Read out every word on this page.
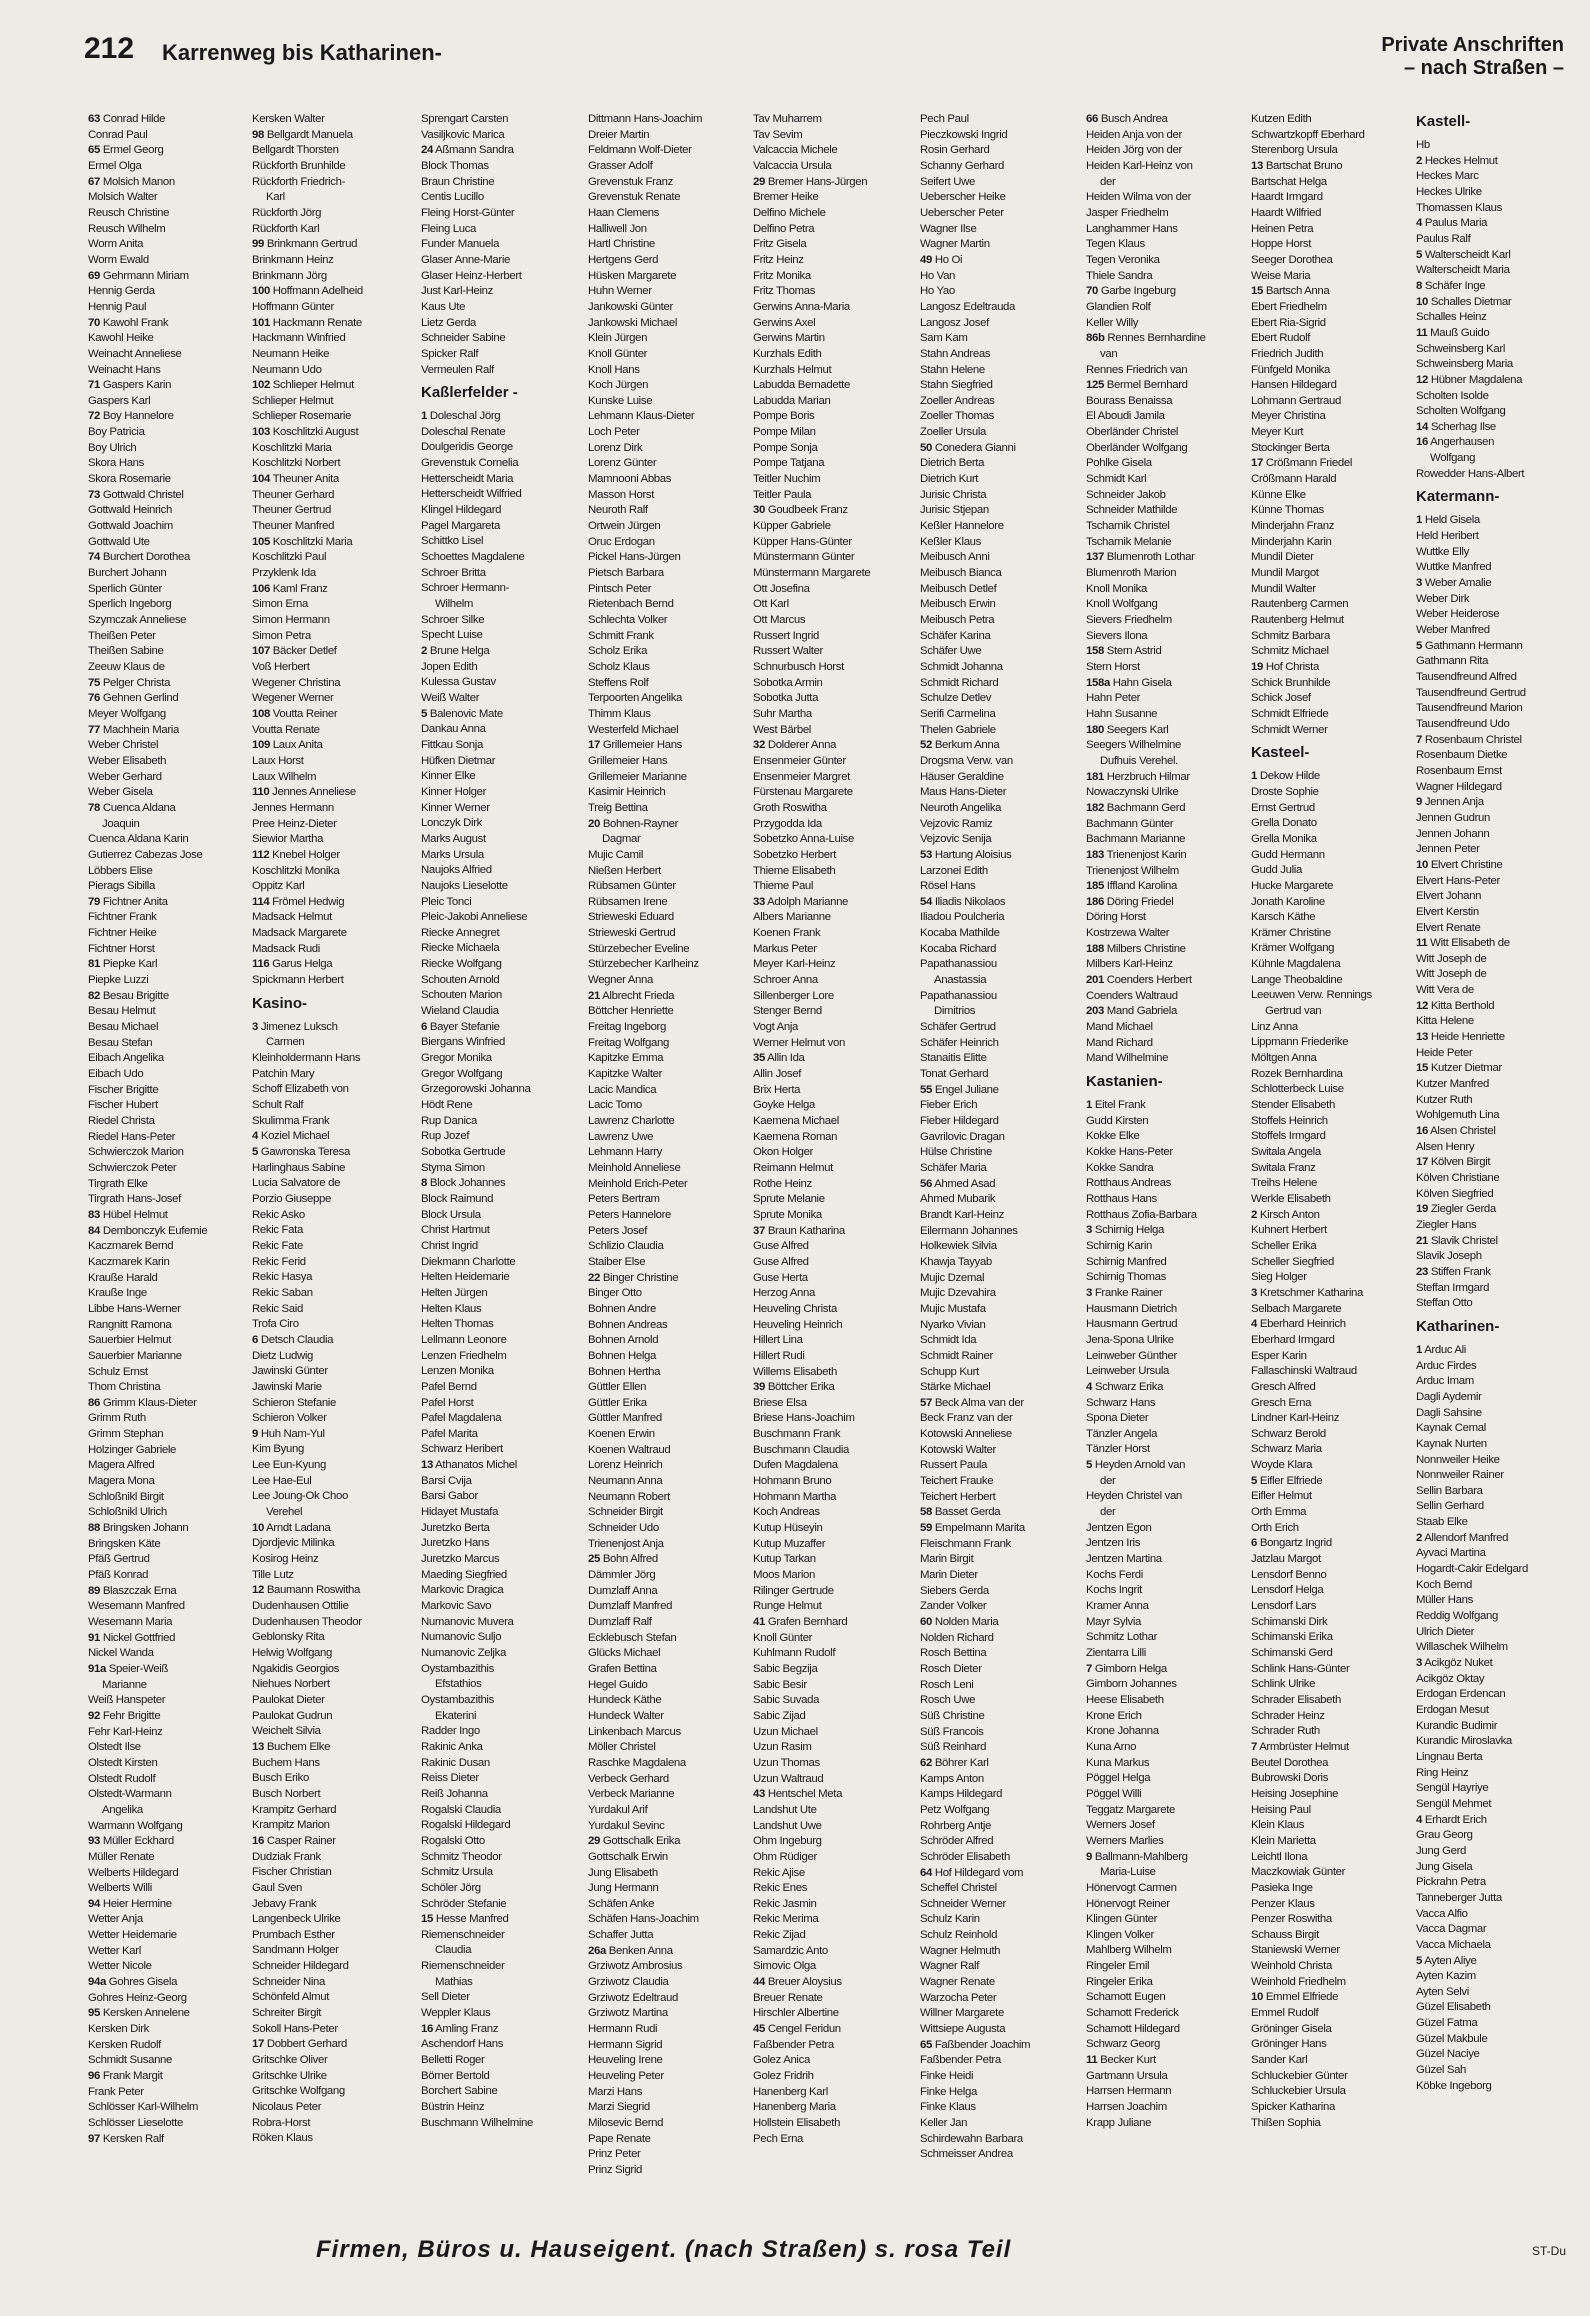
212 Karrenweg bis Katharinen-	Private Anschriften
– nach Straßen –
63 Conrad Hilde
Conrad Paul
65 Ermel Georg
Ermel Olga
67 Molsich Manon
Molsich Walter
Reusch Christine
Reusch Wilhelm
Worm Anita
Worm Ewald
69 Gehrmann Miriam
Hennig Gerda
Hennig Paul
70 Kawohl Frank
Kawohl Heike
Weinacht Anneliese
Weinacht Hans
71 Gaspers Karin
Gaspers Karl
72 Boy Hannelore
Boy Patricia
Boy Ulrich
Skora Hans
Skora Rosemarie
73 Gottwald Christel
Gottwald Heinrich
Gottwald Joachim
Gottwald Ute
74 Burchert Dorothea
Burchert Johann
Sperlich Günter
Sperlich Ingeborg
Szymczak Anneliese
Theißen Peter
Theißen Sabine
Zeeuw Klaus de
75 Pelger Christa
76 Gehnen Gerlind
Meyer Wolfgang
77 Machhein Maria
Weber Christel
Weber Elisabeth
Weber Gerhard
Weber Gisela
78 Cuenca Aldana
Joaquin
Cuenca Aldana Karin
Gutierrez Cabezas Jose
Löbbers Elise
Pierags Sibilla
79 Fichtner Anita
Fichtner Frank
Fichtner Heike
Fichtner Horst
81 Piepke Karl
Piepke Luzzi
82 Besau Brigitte
Besau Helmut
Besau Michael
Besau Stefan
Eibach Angelika
Eibach Udo
Fischer Brigitte
Fischer Hubert
Riedel Christa
Riedel Hans-Peter
Schwierczok Marion
Schwierczok Peter
Tirgrath Elke
Tirgrath Hans-Josef
83 Hübel Helmut
84 Dembonczyk Eufemie
Kaczmarek Bernd
Kaczmarek Karin
Krauße Harald
Krauße Inge
Libbe Hans-Werner
Rangnitt Ramona
Sauerbier Helmut
Sauerbier Marianne
Schulz Ernst
Thom Christina
86 Grimm Klaus-Dieter
Grimm Ruth
Grimm Stephan
Holzinger Gabriele
Magera Alfred
Magera Mona
Schloßnikl Birgit
Schloßnikl Ulrich
88 Bringsken Johann
Bringsken Käte
Pfäß Gertrud
Pfäß Konrad
89 Blaszczak Erna
Wesemann Manfred
Wesemann Maria
91 Nickel Gottfried
Nickel Wanda
91a Speier-Weiß
Marianne
Weiß Hanspeter
92 Fehr Brigitte
Fehr Karl-Heinz
Olstedt Ilse
Olstedt Kirsten
Olstedt Rudolf
Olstedt-Warmann
Angelika
Warmann Wolfgang
93 Müller Eckhard
Müller Renate
Welberts Hildegard
Welberts Willi
94 Heier Hermine
Wetter Anja
Wetter Heidemarie
Wetter Karl
Wetter Nicole
94a Gohres Gisela
Gohres Heinz-Georg
95 Kersken Annelene
Kersken Dirk
Kersken Rudolf
Schmidt Susanne
96 Frank Margit
Frank Peter
Schlösser Karl-Wilhelm
Schlösser Lieselotte
97 Kersken Ralf
Kersken Walter
98 Bellgardt Manuela
Bellgardt Thorsten
Rückforth Brunhilde
Rückforth Friedrich-
Karl
Rückforth Jörg
Rückforth Karl
99 Brinkmann Gertrud
Brinkmann Heinz
Brinkmann Jörg
100 Hoffmann Adelheid
Hoffmann Günter
101 Hackmann Renate
Hackmann Winfried
Neumann Heike
Neumann Udo
102 Schlieper Helmut
Schlieper Helmut
Schlieper Rosemarie
103 Koschlitzki August
Koschlitzki Maria
Koschlitzki Norbert
104 Theuner Anita
Theuner Gerhard
Theuner Gertrud
Theuner Manfred
105 Koschlitzki Maria
Koschlitzki Paul
Przyklenk Ida
106 Kaml Franz
Simon Erna
Simon Hermann
Simon Petra
107 Bäcker Detlef
Voß Herbert
Wegener Christina
Wegener Werner
108 Voutta Reiner
Voutta Renate
109 Laux Anita
Laux Horst
Laux Wilhelm
110 Jennes Anneliese
Jennes Hermann
Pree Heinz-Dieter
Siewior Martha
112 Knebel Holger
Koschlitzki Monika
Oppitz Karl
114 Frömel Hedwig
Madsack Helmut
Madsack Margarete
Madsack Rudi
116 Garus Helga
Spickmann Herbert
Kasino-
3 Jimenez Luksch
Carmen
Kleinholdermann Hans
Patchin Mary
Schoff Elizabeth von
Schult Ralf
Skulimma Frank
4 Koziel Michael
5 Gawronska Teresa
Harlinghaus Sabine
Lucia Salvatore de
Porzio Giuseppe
Rekic Asko
Rekic Fata
Rekic Fate
Rekic Ferid
Rekic Hasya
Rekic Saban
Rekic Said
Trofa Ciro
6 Detsch Claudia
Dietz Ludwig
Jawinski Günter
Jawinski Marie
Schieron Stefanie
Schieron Volker
9 Huh Nam-Yul
Kim Byung
Lee Eun-Kyung
Lee Hae-Eul
Lee Joung-Ok Choo
Verehel
10 Arndt Ladana
Djordjevic Milinka
Kosirog Heinz
Tille Lutz
12 Baumann Roswitha
Dudenhausen Ottilie
Dudenhausen Theodor
Geblonsky Rita
Helwig Wolfgang
Ngakidis Georgios
Niehues Norbert
Paulokat Dieter
Paulokat Gudrun
Weichelt Silvia
13 Buchem Elke
Buchem Hans
Busch Eriko
Busch Norbert
Krampitz Gerhard
Krampitz Marion
16 Casper Rainer
Dudziak Frank
Fischer Christian
Gaul Sven
Jebavy Frank
Langenbeck Ulrike
Prumbach Esther
Sandmann Holger
Schneider Hildegard
Schneider Nina
Schönfeld Almut
Schreiter Birgit
Sokoll Hans-Peter
17 Dobbert Gerhard
Gritschke Oliver
Gritschke Ulrike
Gritschke Wolfgang
Nicolaus Peter
Robra-Horst
Röken Klaus
Sprengart Carsten
Vasiljkovic Marica
24 Aßmann Sandra
Block Thomas
Braun Christine
Centis Lucillo
Fleing Horst-Günter
Fleing Luca
Funder Manuela
Glaser Anne-Marie
Glaser Heinz-Herbert
Just Karl-Heinz
Kaus Ute
Lietz Gerda
Schneider Sabine
Spicker Ralf
Vermeulen Ralf
Kaßlerfelder -
1 Doleschal Jörg
Doleschal Renate
Doulgeridis George
Grevenstuk Cornelia
Hetterscheidt Maria
Hetterscheidt Wilfried
Klingel Hildegard
Pagel Margareta
Schittko Lisel
Schoettes Magdalene
Schroer Britta
Schroer Hermann-
Wilhelm
Schroer Silke
Specht Luise
2 Brune Helga
Jopen Edith
Kulessa Gustav
Weiß Walter
5 Balenovic Mate
Dankau Anna
Fittkau Sonja
Hüfken Dietmar
Kinner Elke
Kinner Holger
Kinner Werner
Lonczyk Dirk
Marks August
Marks Ursula
Naujoks Alfried
Naujoks Lieselotte
Pleic Tonci
Pleic-Jakobi Anneliese
Riecke Annegret
Riecke Michaela
Riecke Wolfgang
Schouten Arnold
Schouten Marion
Wieland Claudia
6 Bayer Stefanie
Biergans Winfried
Gregor Monika
Gregor Wolfgang
Grzegorowski Johanna
Hödt Rene
Rup Danica
Rup Jozef
Sobotka Gertrude
Styma Simon
8 Block Johannes
Block Raimund
Block Ursula
Christ Hartmut
Christ Ingrid
Diekmann Charlotte
Helten Heidemarie
Helten Jürgen
Helten Klaus
Helten Thomas
Lellmann Leonore
Lenzen Friedhelm
Lenzen Monika
Pafel Bernd
Pafel Horst
Pafel Magdalena
Pafel Marita
Schwarz Heribert
13 Athanatos Michel
Barsi Cvija
Barsi Gabor
Hidayet Mustafa
Juretzko Berta
Juretzko Hans
Juretzko Marcus
Maeding Siegfried
Markovic Dragica
Markovic Savo
Numanovic Muvera
Numanovic Suljo
Numanovic Zeljka
Oystambazithis
Efstathios
Oystambazithis
Ekaterini
Radder Ingo
Rakinic Anka
Rakinic Dusan
Reiss Dieter
Reiß Johanna
Rogalski Claudia
Rogalski Hildegard
Rogalski Otto
Schmitz Theodor
Schmitz Ursula
Schöler Jörg
Schröder Stefanie
15 Hesse Manfred
Riemenschneider
Claudia
Riemenschneider
Mathias
Sell Dieter
Weppler Klaus
16 Amling Franz
Aschendorf Hans
Belletti Roger
Börner Bertold
Borchert Sabine
Büstrin Heinz
Buschmann Wilhelmine
Dittmann Hans-Joachim
Dreier Martin
Feldmann Wolf-Dieter
Grasser Adolf
Grevenstuk Franz
Grevenstuk Renate
Haan Clemens
Halliwell Jon
Hartl Christine
Hertgens Gerd
Hüsken Margarete
Huhn Werner
Jankowski Günter
Jankowski Michael
Klein Jürgen
Knoll Günter
Knoll Hans
Koch Jürgen
Kunske Luise
Lehmann Klaus-Dieter
Loch Peter
Lorenz Dirk
Lorenz Günter
Mamnooni Abbas
Masson Horst
Neuroth Ralf
Ortwein Jürgen
Oruc Erdogan
Pickel Hans-Jürgen
Pietsch Barbara
Pintsch Peter
Rietenbach Bernd
Schlechta Volker
Schmitt Frank
Scholz Erika
Scholz Klaus
Steffens Rolf
Terpoorten Angelika
Thimm Klaus
Westerfeld Michael
17 Grillemeier Hans
Grillemeier Hans
Grillemeier Marianne
Kasimir Heinrich
Treig Bettina
20 Bohnen-Rayner
Dagmar
Mujic Camil
Nießen Herbert
Rübsamen Günter
Rübsamen Irene
Strieweski Eduard
Strieweski Gertrud
Stürzebecher Eveline
Stürzebecher Karlheinz
Wegner Anna
21 Albrecht Frieda
Böttcher Henriette
Freitag Ingeborg
Freitag Wolfgang
Kapitzke Emma
Kapitzke Walter
Lacic Mandica
Lacic Tomo
Lawrenz Charlotte
Lawrenz Uwe
Lehmann Harry
Meinhold Anneliese
Meinhold Erich-Peter
Peters Bertram
Peters Hannelore
Peters Josef
Schlizio Claudia
Staiber Else
22 Binger Christine
Binger Otto
Bohnen Andre
Bohnen Andreas
Bohnen Arnold
Bohnen Helga
Bohnen Hertha
Güttler Ellen
Güttler Erika
Güttler Manfred
Koenen Erwin
Koenen Waltraud
Lorenz Heinrich
Neumann Anna
Neumann Robert
Schneider Birgit
Schneider Udo
Trienenjost Anja
25 Bohn Alfred
Dämmler Jörg
Dumzlaff Anna
Dumzlaff Manfred
Dumzlaff Ralf
Ecklebusch Stefan
Glücks Michael
Grafen Bettina
Hegel Guido
Hundeck Käthe
Hundeck Walter
Linkenbach Marcus
Möller Christel
Raschke Magdalena
Verbeck Gerhard
Verbeck Marianne
Yurdakul Arif
Yurdakul Sevinc
29 Gottschalk Erika
Gottschalk Erwin
Jung Elisabeth
Jung Hermann
Schäfen Anke
Schäfen Hans-Joachim
Schaffer Jutta
26a Benken Anna
Grziwotz Ambrosius
Grziwotz Claudia
Grziwotz Edeltraud
Grziwotz Martina
Hermann Rudi
Hermann Sigrid
Heuveling Irene
Heuveling Peter
Marzi Hans
Marzi Siegrid
Milosevic Bernd
Pape Renate
Prinz Peter
Prinz Sigrid
Tav Muharrem
Tav Sevim
Valcaccia Michele
Valcaccia Ursula
29 Bremer Hans-Jürgen
Bremer Heike
Delfino Michele
Delfino Petra
Fritz Gisela
Fritz Heinz
Fritz Monika
Fritz Thomas
Gerwins Anna-Maria
Gerwins Axel
Gerwins Martin
Kurzhals Edith
Kurzhals Helmut
Labudda Bernadette
Labudda Marian
Pompe Boris
Pompe Milan
Pompe Sonja
Pompe Tatjana
Teitler Nuchim
Teitler Paula
30 Goudbeek Franz
Küpper Gabriele
Küpper Hans-Günter
Münstermann Günter
Münstermann Margarete
Ott Josefina
Ott Karl
Ott Marcus
Russert Ingrid
Russert Walter
Schnurbusch Horst
Sobotka Armin
Sobotka Jutta
Suhr Martha
West Bärbel
32 Dolderer Anna
Ensenmeier Günter
Ensenmeier Margret
Fürstenau Margarete
Groth Roswitha
Przygodda Ida
Sobetzko Anna-Luise
Sobetzko Herbert
Thieme Elisabeth
Thieme Paul
33 Adolph Marianne
Albers Marianne
Koenen Frank
Markus Peter
Meyer Karl-Heinz
Schroer Anna
Sillenberger Lore
Stenger Bernd
Vogt Anja
Werner Helmut von
35 Allin Ida
Allin Josef
Brix Herta
Goyke Helga
Kaemena Michael
Kaemena Roman
Okon Holger
Reimann Helmut
Rothe Heinz
Sprute Melanie
Sprute Monika
37 Braun Katharina
Guse Alfred
Guse Alfred
Guse Herta
Herzog Anna
Heuveling Christa
Heuveling Heinrich
Hillert Lina
Hillert Rudi
Willems Elisabeth
39 Böttcher Erika
Briese Elsa
Briese Hans-Joachim
Buschmann Frank
Buschmann Claudia
Dufen Magdalena
Hohmann Bruno
Hohmann Martha
Koch Andreas
Kutup Hüseyin
Kutup Muzaffer
Kutup Tarkan
Moos Marion
Rilinger Gertrude
Runge Helmut
41 Grafen Bernhard
Knoll Günter
Kuhlmann Rudolf
Sabic Begzija
Sabic Besir
Sabic Suvada
Sabic Zijad
Uzun Michael
Uzun Rasim
Uzun Thomas
Uzun Waltraud
43 Hentschel Meta
Landshut Ute
Landshut Uwe
Ohm Ingeburg
Ohm Rüdiger
Rekic Ajise
Rekic Enes
Rekic Jasmin
Rekic Merima
Rekic Zijad
Samardzic Anto
Simovic Olga
44 Breuer Aloysius
Breuer Renate
Hirschler Albertine
45 Cengel Feridun
Faßbender Petra
Golez Anica
Golez Fridrih
Hanenberg Karl
Hanenberg Maria
Hollstein Elisabeth
Pech Erna
Pech Paul
Pieczkowski Ingrid
Rosin Gerhard
Schanny Gerhard
Seifert Uwe
Ueberscher Heike
Ueberscher Peter
Wagner Ilse
Wagner Martin
49 Ho Oi
Ho Van
Ho Yao
Langosz Edeltrauda
Langosz Josef
Sam Kam
Stahn Andreas
Stahn Helene
Stahn Siegfried
Zoeller Andreas
Zoeller Thomas
Zoeller Ursula
50 Conedera Gianni
Dietrich Berta
Dietrich Kurt
Jurisic Christa
Jurisic Stjepan
Keßler Hannelore
Keßler Klaus
Meibusch Anni
Meibusch Bianca
Meibusch Detlef
Meibusch Erwin
Meibusch Petra
Schäfer Karina
Schäfer Uwe
Schmidt Johanna
Schmidt Richard
Schulze Detlev
Serifi Carmelina
Thelen Gabriele
52 Berkum Anna
Drogsma Verw. van
Häuser Geraldine
Maus Hans-Dieter
Neuroth Angelika
Vejzovic Ramiz
Vejzovic Senija
53 Hartung Aloisius
Larzonei Edith
Rösel Hans
54 Iliadis Nikolaos
Iliadou Poulcheria
Kocaba Mathilde
Kocaba Richard
Papathanassiou
Anastassia
Papathanassiou
Dimitrios
Schäfer Gertrud
Schäfer Heinrich
Stanaitis Elitte
Tonat Gerhard
55 Engel Juliane
Fieber Erich
Fieber Hildegard
Gavrilovic Dragan
Hülse Christine
Schäfer Maria
56 Ahmed Asad
Ahmed Mubarik
Brandt Karl-Heinz
Eilermann Johannes
Holkewiek Silvia
Khawja Tayyab
Mujic Dzemal
Mujic Dzevahira
Mujic Mustafa
Nyarko Vivian
Schmidt Ida
Schmidt Rainer
Schupp Kurt
Stärke Michael
57 Beck Alma van der
Beck Franz van der
Kotowski Anneliese
Kotowski Walter
Russert Paula
Teichert Frauke
Teichert Herbert
58 Basset Gerda
59 Empelmann Marita
Fleischmann Frank
Marin Birgit
Marin Dieter
Siebers Gerda
Zander Volker
60 Nolden Maria
Nolden Richard
Rosch Bettina
Rosch Dieter
Rosch Leni
Rosch Uwe
Süß Christine
Süß Francois
Süß Reinhard
62 Böhrer Karl
Kamps Anton
Kamps Hildegard
Petz Wolfgang
Rohrberg Antje
Schröder Alfred
Schröder Elisabeth
64 Hof Hildegard vom
Scheffel Christel
Schneider Werner
Schulz Karin
Schulz Reinhold
Wagner Helmuth
Wagner Ralf
Wagner Renate
Warzocha Peter
Willner Margarete
Wittsiepe Augusta
65 Faßbender Joachim
Faßbender Petra
Finke Heidi
Finke Helga
Finke Klaus
Keller Jan
Schirdewahn Barbara
Schmeisser Andrea
66 Busch Andrea
Heiden Anja von der
Heiden Jörg von der
Heiden Karl-Heinz von
der
Heiden Wilma von der
Jasper Friedhelm
Langhammer Hans
Tegen Klaus
Tegen Veronika
Thiele Sandra
70 Garbe Ingeburg
Glandien Rolf
Keller Willy
86b Rennes Bernhardine
van
Rennes Friedrich van
125 Bermel Bernhard
Bourass Benaissa
El Aboudi Jamila
Oberländer Christel
Oberländer Wolfgang
Pohlke Gisela
Schmidt Karl
Schneider Jakob
Schneider Mathilde
Tscharnik Christel
Tscharnik Melanie
137 Blumenroth Lothar
Blumenroth Marion
Knoll Monika
Knoll Wolfgang
Sievers Friedhelm
Sievers Ilona
158 Stern Astrid
Stern Horst
158a Hahn Gisela
Hahn Peter
Hahn Susanne
180 Seegers Karl
Seegers Wilhelmine
Dufhuis Verehel.
181 Herzbruch Hilmar
Nowaczynski Ulrike
182 Bachmann Gerd
Bachmann Günter
Bachmann Marianne
183 Trienenjost Karin
Trienenjost Wilhelm
185 Iffland Karolina
186 Döring Friedel
Döring Horst
Kostrzewa Walter
188 Milbers Christine
Milbers Karl-Heinz
201 Coenders Herbert
Coenders Waltraud
203 Mand Gabriela
Mand Michael
Mand Richard
Mand Wilhelmine
Kastanien-
1 Eitel Frank
Gudd Kirsten
Kokke Elke
Kokke Hans-Peter
Kokke Sandra
Rotthaus Andreas
Rotthaus Hans
Rotthaus Zofia-Barbara
3 Schirnig Helga
Schirnig Karin
Schirnig Manfred
Schirnig Thomas
3 Franke Rainer
Hausmann Dietrich
Hausmann Gertrud
Jena-Spona Ulrike
Leinweber Günther
Leinweber Ursula
4 Schwarz Erika
Schwarz Hans
Spona Dieter
Tänzler Angela
Tänzler Horst
5 Heyden Arnold van
der
Heyden Christel van
der
Jentzen Egon
Jentzen Iris
Jentzen Martina
Kochs Ferdi
Kochs Ingrit
Kramer Anna
Mayr Sylvia
Schmitz Lothar
Zientarra Lilli
7 Gimborn Helga
Gimborn Johannes
Heese Elisabeth
Krone Erich
Krone Johanna
Kuna Arno
Kuna Markus
Pöggel Helga
Pöggel Willi
Teggatz Margarete
Werners Josef
Werners Marlies
9 Ballmann-Mahlberg
Maria-Luise
Hönervogt Carmen
Hönervogt Reiner
Klingen Günter
Klingen Volker
Mahlberg Wilhelm
Ringeler Emil
Ringeler Erika
Schamott Eugen
Schamott Frederick
Schamott Hildegard
Schwarz Georg
11 Becker Kurt
Gartmann Ursula
Harrsen Hermann
Harrsen Joachim
Krapp Juliane
Kutzen Edith
Schwartzkopff Eberhard
Sterenborg Ursula
13 Bartschat Bruno
Bartschat Helga
Haardt Irmgard
Haardt Wilfried
Heinen Petra
Hoppe Horst
Seeger Dorothea
Weise Maria
15 Bartsch Anna
Ebert Friedhelm
Ebert Ria-Sigrid
Ebert Rudolf
Friedrich Judith
Fünfgeld Monika
Hansen Hildegard
Lohmann Gertraud
Meyer Christina
Meyer Kurt
Stockinger Berta
17 Crößmann Friedel
Crößmann Harald
Künne Elke
Künne Thomas
Minderjahn Franz
Minderjahn Karin
Mundil Dieter
Mundil Margot
Mundil Walter
Rautenberg Carmen
Rautenberg Helmut
Schmitz Barbara
Schmitz Michael
19 Hof Christa
Schick Brunhilde
Schick Josef
Schmidt Elfriede
Schmidt Werner
Kasteel-
1 Dekow Hilde
Droste Sophie
Ernst Gertrud
Grella Donato
Grella Monika
Gudd Hermann
Gudd Julia
Hucke Margarete
Jonath Karoline
Karsch Käthe
Krämer Christine
Krämer Wolfgang
Kühnle Magdalena
Lange Theobaldine
Leeuwen Verw. Rennings
Gertrud van
Linz Anna
Lippmann Friederike
Möltgen Anna
Rozek Bernhardina
Schlotterbeck Luise
Stender Elisabeth
Stoffels Heinrich
Stoffels Irmgard
Switala Angela
Switala Franz
Treihs Helene
Werkle Elisabeth
2 Kirsch Anton
Kuhnert Herbert
Scheller Erika
Scheller Siegfried
Sieg Holger
3 Kretschmer Katharina
Selbach Margarete
4 Eberhard Heinrich
Eberhard Irmgard
Esper Karin
Fallaschinski Waltraud
Gresch Alfred
Gresch Erna
Lindner Karl-Heinz
Schwarz Berold
Schwarz Maria
Woyde Klara
5 Eifler Elfriede
Eifler Helmut
Orth Emma
Orth Erich
6 Bongartz Ingrid
Jatzlau Margot
Lensdorf Benno
Lensdorf Helga
Lensdorf Lars
Schimanski Dirk
Schimanski Erika
Schimanski Gerd
Schlink Hans-Günter
Schlink Ulrike
Schrader Elisabeth
Schrader Heinz
Schrader Ruth
7 Armbrüster Helmut
Beutel Dorothea
Bubrowski Doris
Heising Josephine
Heising Paul
Klein Klaus
Klein Marietta
Leichtl Ilona
Maczkowiak Günter
Pasieka Inge
Penzer Klaus
Penzer Roswitha
Schauss Birgit
Staniewski Werner
Weinhold Christa
Weinhold Friedhelm
10 Emmel Elfriede
Emmel Rudolf
Gröninger Gisela
Gröninger Hans
Sander Karl
Schluckebier Günter
Schluckebier Ursula
Spicker Katharina
Thißen Sophia
Kastell-
Hb
2 Heckes Helmut
Heckes Marc
Heckes Ulrike
Thomassen Klaus
4 Paulus Maria
Paulus Ralf
5 Walterscheidt Karl
Walterscheidt Maria
8 Schäfer Inge
10 Schalles Dietmar
Schalles Heinz
11 Mauß Guido
Schweinsberg Karl
Schweinsberg Maria
12 Hübner Magdalena
Scholten Isolde
Scholten Wolfgang
14 Scherhag Ilse
16 Angerhausen
Wolfgang
Rowedder Hans-Albert
Katermann-
1 Held Gisela
Held Heribert
Wuttke Elly
Wuttke Manfred
3 Weber Amalie
Weber Dirk
Weber Heiderose
Weber Manfred
5 Gathmann Hermann
Gathmann Rita
Tausendfreund Alfred
Tausendfreund Gertrud
Tausendfreund Marion
Tausendfreund Udo
7 Rosenbaum Christel
Rosenbaum Dietke
Rosenbaum Ernst
Wagner Hildegard
9 Jennen Anja
Jennen Gudrun
Jennen Johann
Jennen Peter
10 Elvert Christine
Elvert Hans-Peter
Elvert Johann
Elvert Kerstin
Elvert Renate
11 Witt Elisabeth de
Witt Joseph de
Witt Joseph de
Witt Vera de
12 Kitta Berthold
Kitta Helene
13 Heide Henriette
Heide Peter
15 Kutzer Dietmar
Kutzer Manfred
Kutzer Ruth
Wohlgemuth Lina
16 Alsen Christel
Alsen Henry
17 Kölven Birgit
Kölven Christiane
Kölven Siegfried
19 Ziegler Gerda
Ziegler Hans
21 Slavik Christel
Slavik Joseph
23 Stiffen Frank
Steffan Irmgard
Steffan Otto
Katharinen-
1 Arduc Ali
Arduc Firdes
Arduc Imam
Dagli Aydemir
Dagli Sahsine
Kaynak Cemal
Kaynak Nurten
Nonnweiler Heike
Nonnweiler Rainer
Sellin Barbara
Sellin Gerhard
Staab Elke
2 Allendorf Manfred
Ayvaci Martina
Hogardt-Cakir Edelgard
Koch Bernd
Müller Hans
Reddig Wolfgang
Ulrich Dieter
Willaschek Wilhelm
3 Acikgöz Nuket
Acikgöz Oktay
Erdogan Erdencan
Erdogan Mesut
Kurandic Budimir
Kurandic Miroslavka
Lingnau Berta
Ring Heinz
Sengül Hayriye
Sengül Mehmet
4 Erhardt Erich
Grau Georg
Jung Gerd
Jung Gisela
Pickrahn Petra
Tanneberger Jutta
Vacca Alfio
Vacca Dagmar
Vacca Michaela
5 Ayten Aliye
Ayten Kazim
Ayten Selvi
Güzel Elisabeth
Güzel Fatma
Güzel Makbule
Güzel Naciye
Güzel Sah
Köbke Ingeborg
Firmen, Büros u. Hauseigent. (nach Straßen) s. rosa Teil	ST-Du
